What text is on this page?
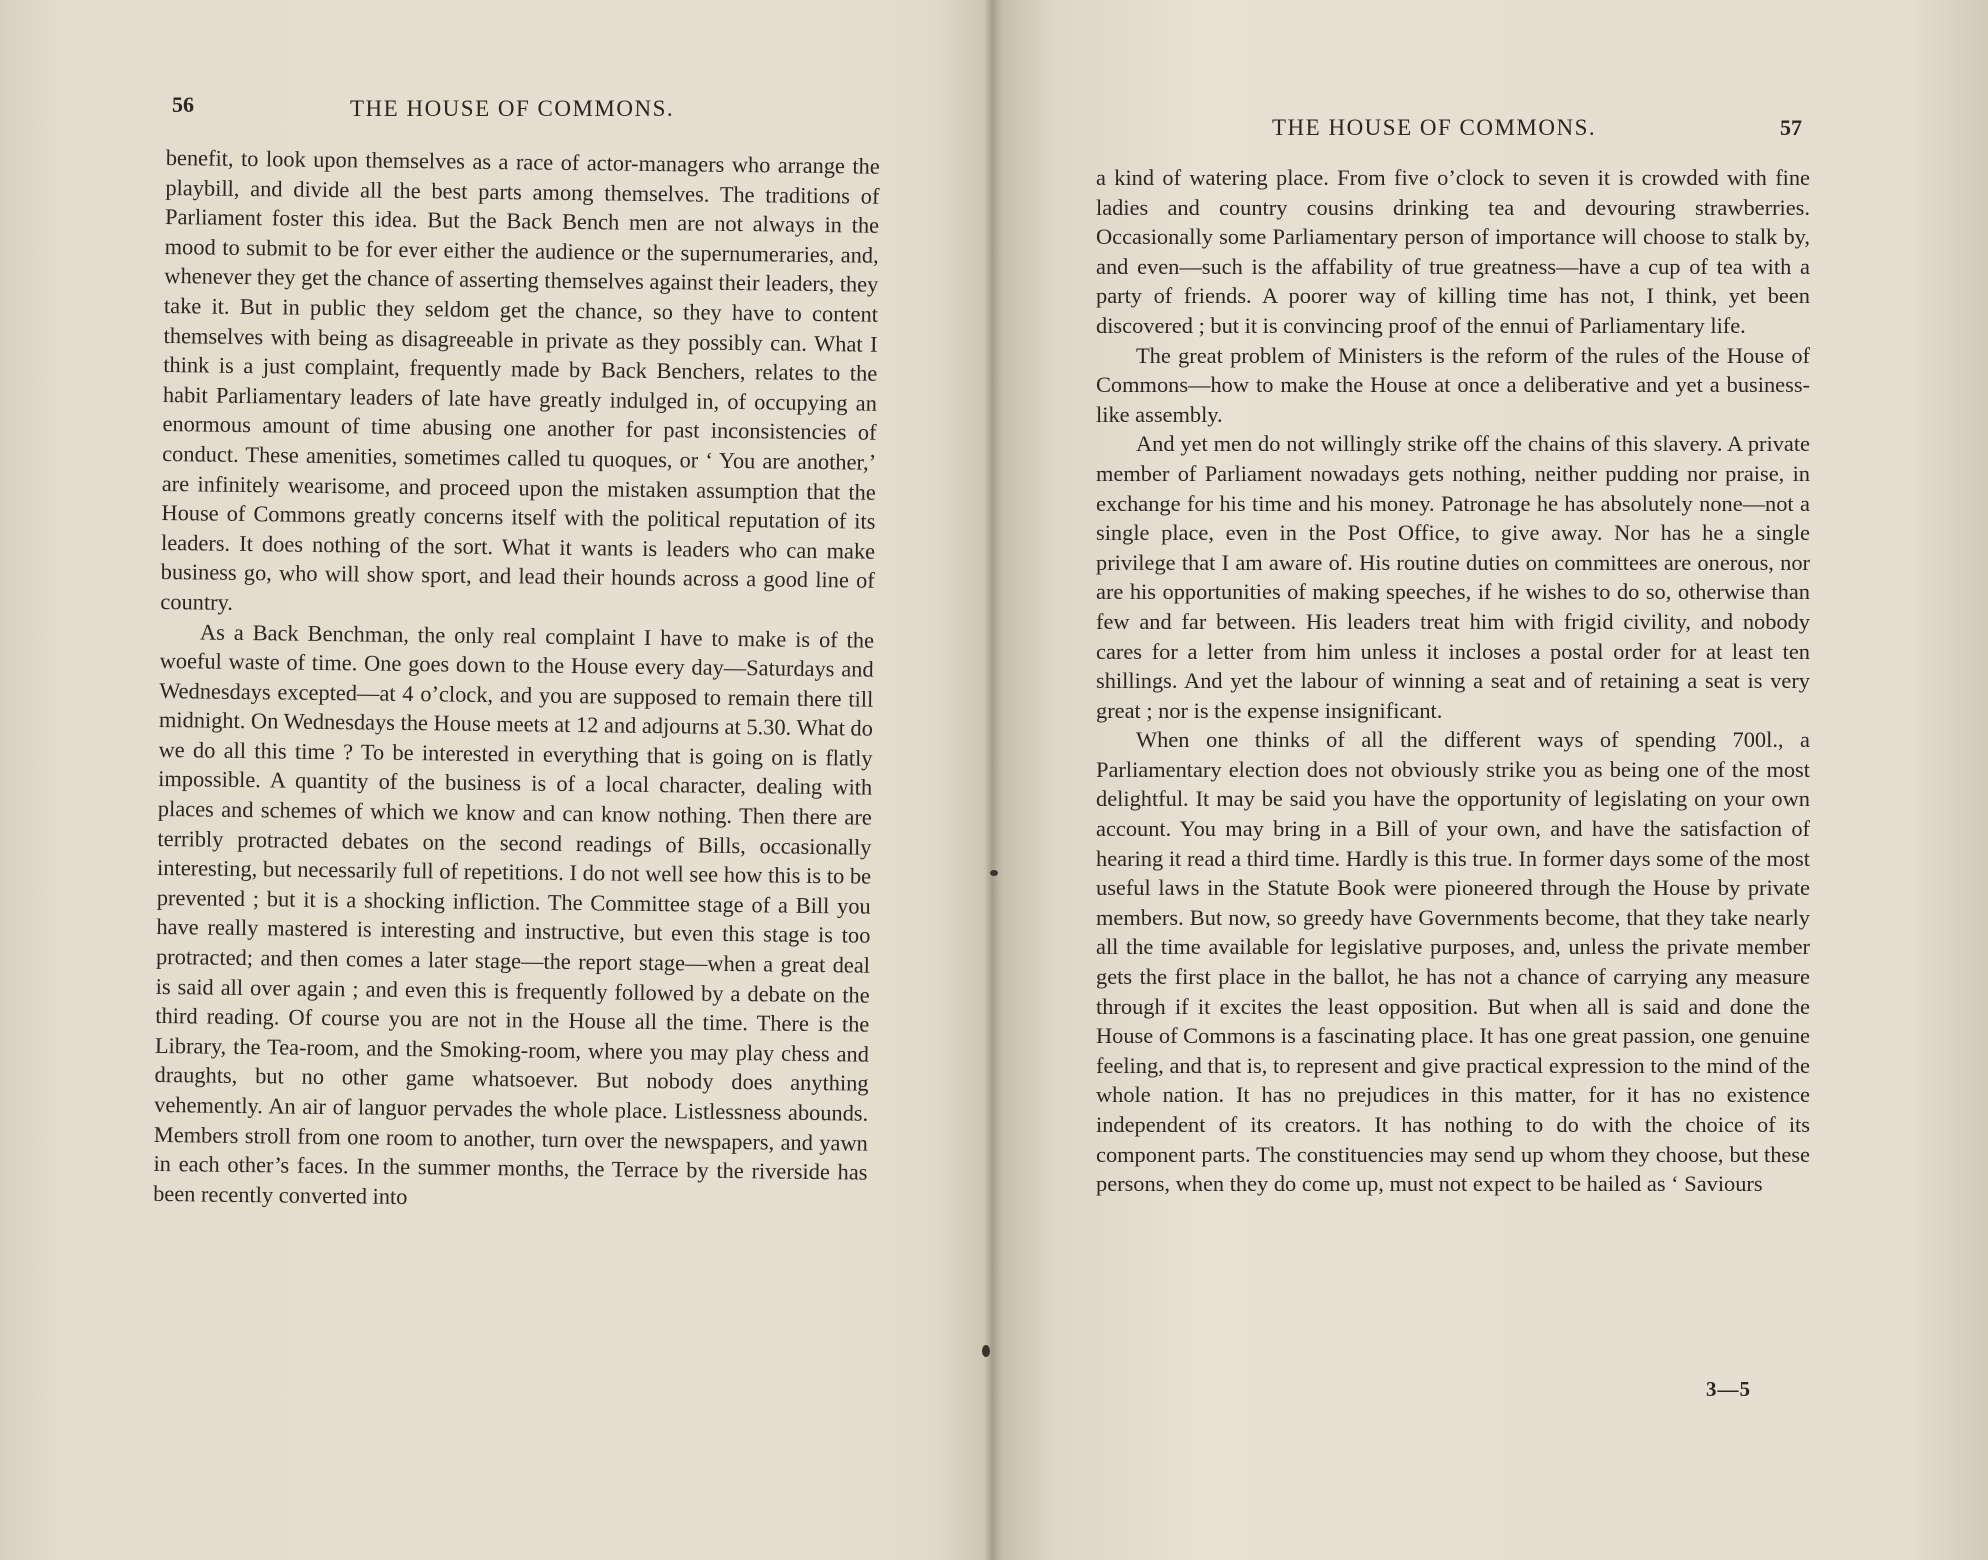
56	THE HOUSE OF COMMONS.

benefit, to look upon themselves as a race of actor-managers who arrange the playbill, and divide all the best parts among themselves. The traditions of Parliament foster this idea. But the Back Bench men are not always in the mood to submit to be for ever either the audience or the supernumeraries, and, whenever they get the chance of asserting themselves against their leaders, they take it. But in public they seldom get the chance, so they have to content themselves with being as disagreeable in private as they possibly can. What I think is a just complaint, frequently made by Back Benchers, relates to the habit Parliamentary leaders of late have greatly indulged in, of occupying an enormous amount of time abusing one another for past inconsistencies of conduct. These amenities, sometimes called tu quoques, or ‘ You are another,’ are infinitely wearisome, and proceed upon the mistaken assumption that the House of Commons greatly concerns itself with the political reputation of its leaders. It does nothing of the sort. What it wants is leaders who can make business go, who will show sport, and lead their hounds across a good line of country.

As a Back Benchman, the only real complaint I have to make is of the woeful waste of time. One goes down to the House every day—Saturdays and Wednesdays excepted—at 4 o’clock, and you are supposed to remain there till midnight. On Wednesdays the House meets at 12 and adjourns at 5.30. What do we do all this time ? To be interested in everything that is going on is flatly impossible. A quantity of the business is of a local character, dealing with places and schemes of which we know and can know nothing. Then there are terribly protracted debates on the second readings of Bills, occasionally interesting, but necessarily full of repetitions. I do not well see how this is to be prevented ; but it is a shocking infliction. The Committee stage of a Bill you have really mastered is interesting and instructive, but even this stage is too protracted; and then comes a later stage—the report stage—when a great deal is said all over again ; and even this is frequently followed by a debate on the third reading. Of course you are not in the House all the time. There is the Library, the Tea-room, and the Smoking-room, where you may play chess and draughts, but no other game whatsoever. But nobody does anything vehemently. An air of languor pervades the whole place. Listlessness abounds. Members stroll from one room to another, turn over the newspapers, and yawn in each other’s faces. In the summer months, the Terrace by the riverside has been recently converted into

THE HOUSE OF COMMONS.	57

a kind of watering place. From five o’clock to seven it is crowded with fine ladies and country cousins drinking tea and devouring strawberries. Occasionally some Parliamentary person of importance will choose to stalk by, and even—such is the affability of true greatness—have a cup of tea with a party of friends. A poorer way of killing time has not, I think, yet been discovered ; but it is convincing proof of the ennui of Parliamentary life.

The great problem of Ministers is the reform of the rules of the House of Commons—how to make the House at once a deliberative and yet a business-like assembly.

And yet men do not willingly strike off the chains of this slavery. A private member of Parliament nowadays gets nothing, neither pudding nor praise, in exchange for his time and his money. Patronage he has absolutely none—not a single place, even in the Post Office, to give away. Nor has he a single privilege that I am aware of. His routine duties on committees are onerous, nor are his opportunities of making speeches, if he wishes to do so, otherwise than few and far between. His leaders treat him with frigid civility, and nobody cares for a letter from him unless it incloses a postal order for at least ten shillings. And yet the labour of winning a seat and of retaining a seat is very great ; nor is the expense insignificant.

When one thinks of all the different ways of spending 700l., a Parliamentary election does not obviously strike you as being one of the most delightful. It may be said you have the opportunity of legislating on your own account. You may bring in a Bill of your own, and have the satisfaction of hearing it read a third time. Hardly is this true. In former days some of the most useful laws in the Statute Book were pioneered through the House by private members. But now, so greedy have Governments become, that they take nearly all the time available for legislative purposes, and, unless the private member gets the first place in the ballot, he has not a chance of carrying any measure through if it excites the least opposition. But when all is said and done the House of Commons is a fascinating place. It has one great passion, one genuine feeling, and that is, to represent and give practical expression to the mind of the whole nation. It has no prejudices in this matter, for it has no existence independent of its creators. It has nothing to do with the choice of its component parts. The constituencies may send up whom they choose, but these persons, when they do come up, must not expect to be hailed as ‘ Saviours

3—5
